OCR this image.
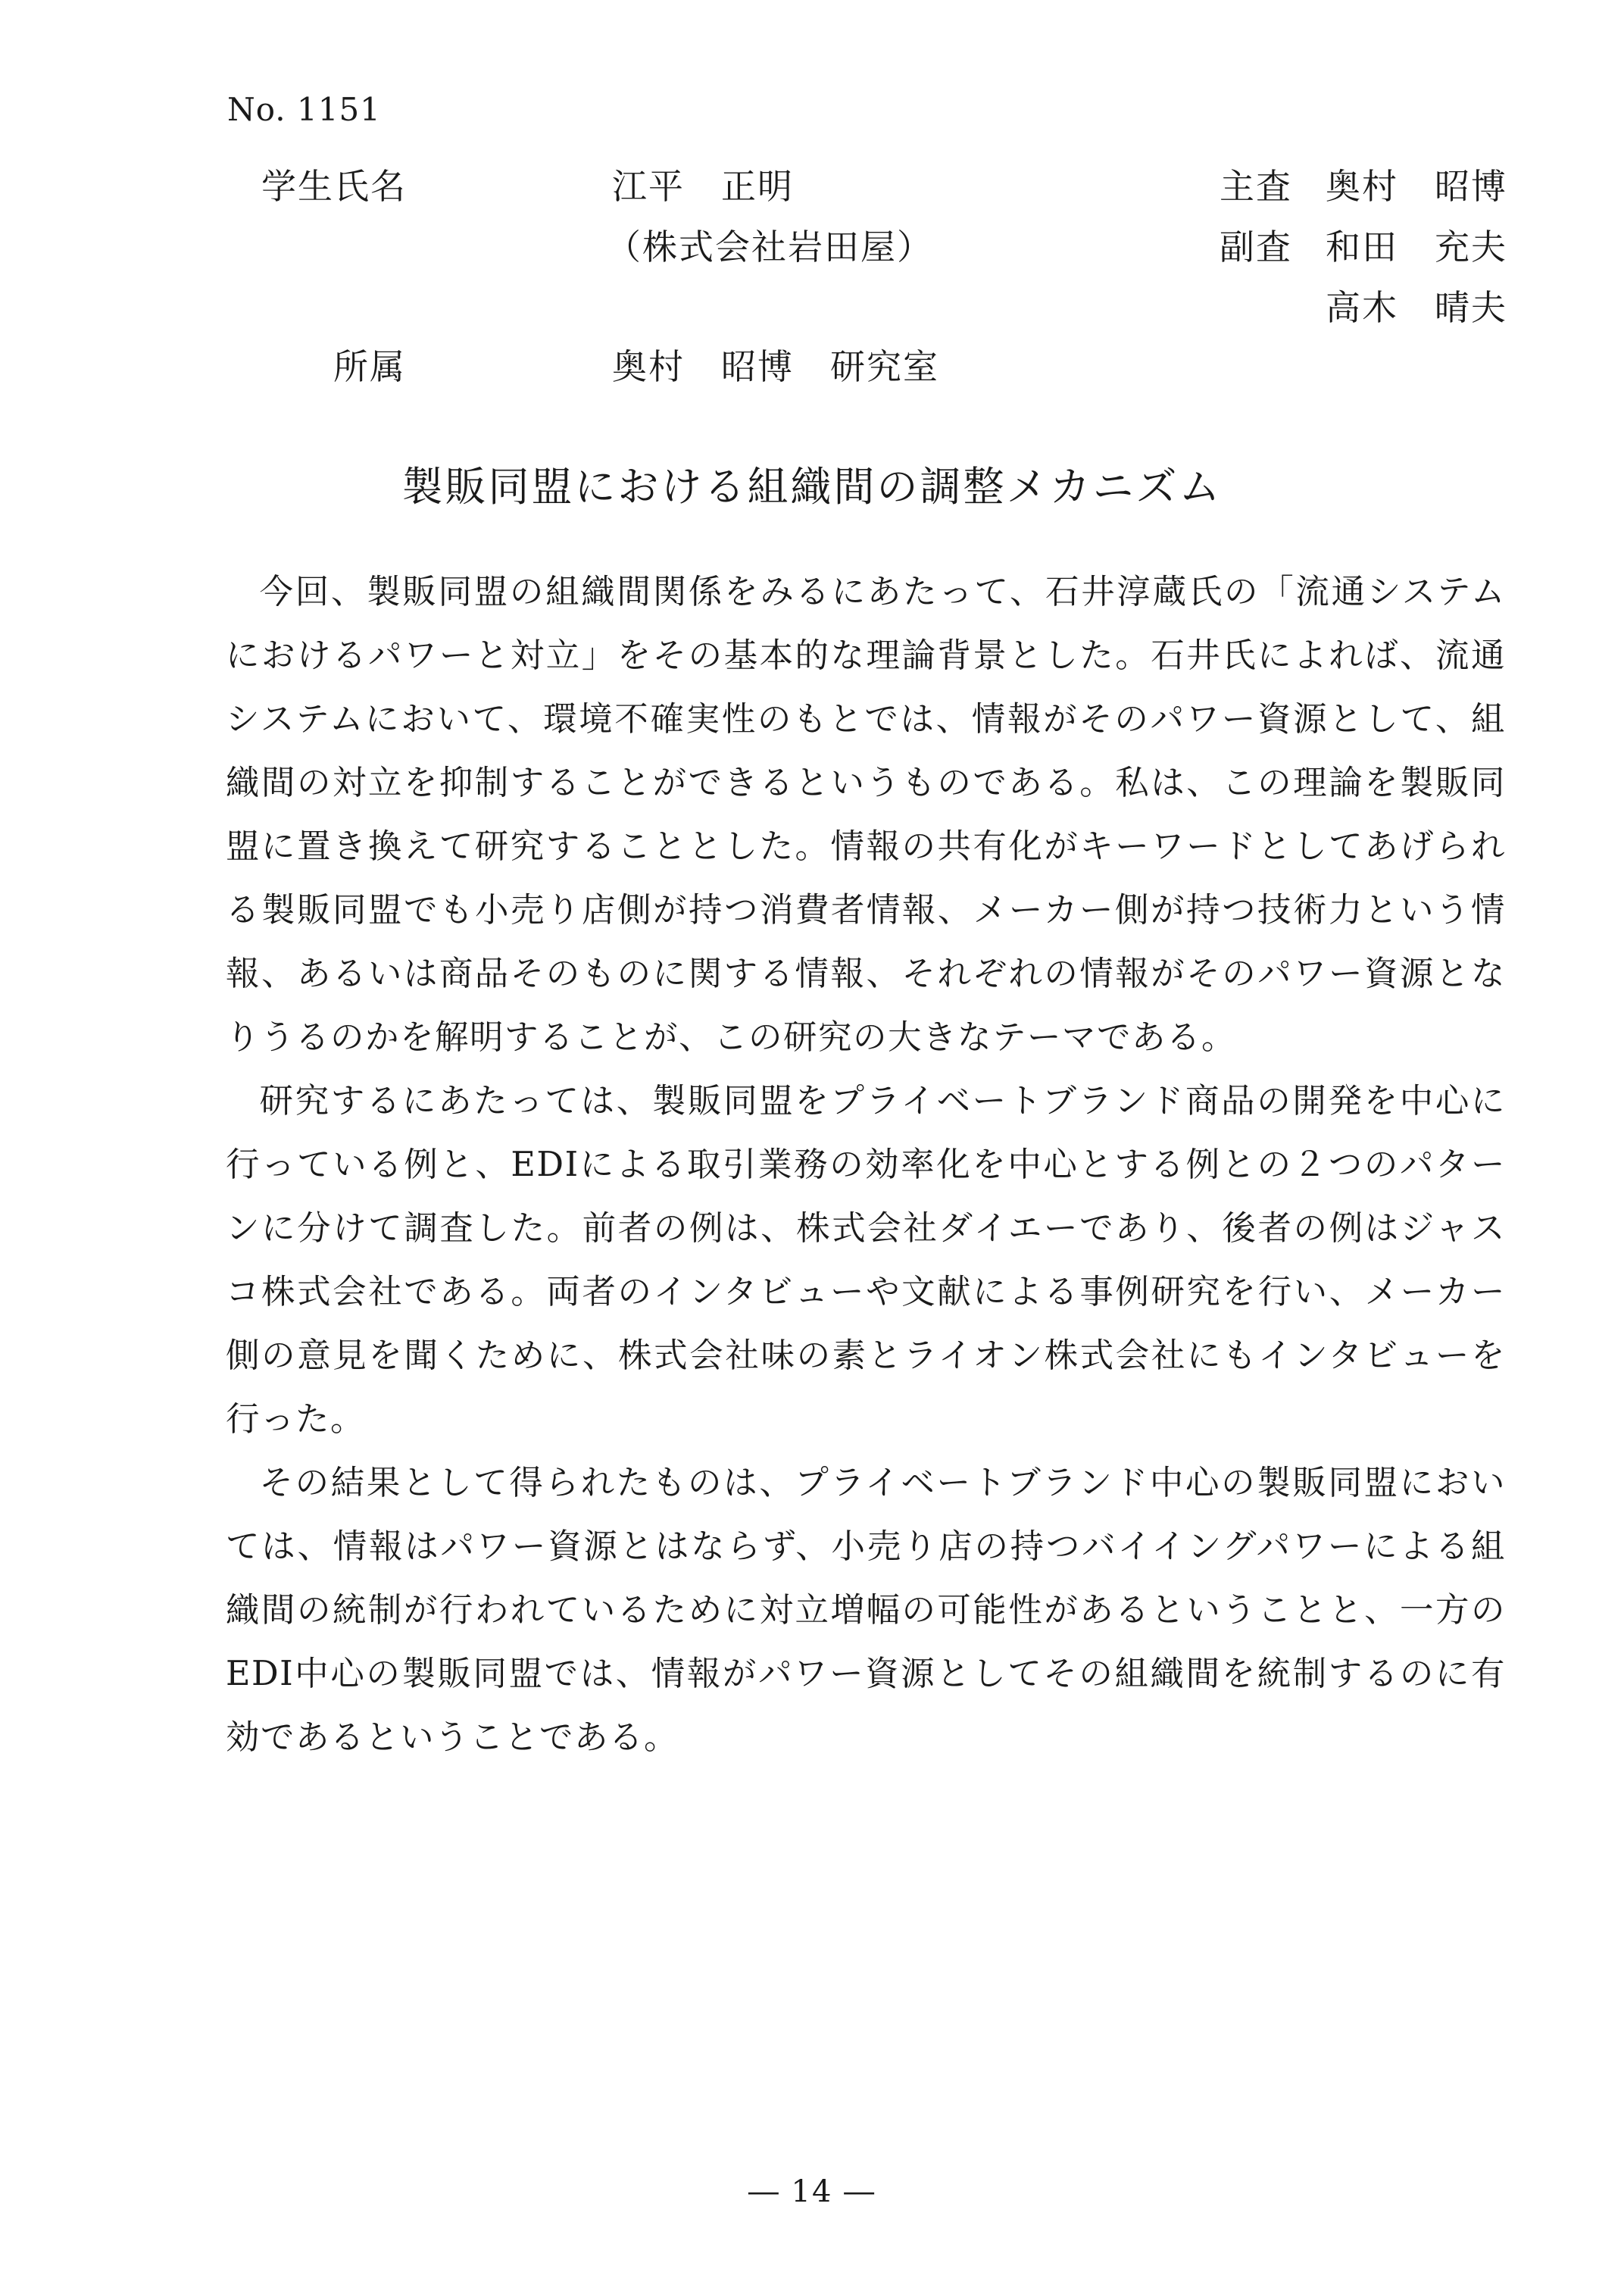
No. 1151
学生氏名	江平　正明
（株式会社岩田屋）
所属	奥村　昭博　研究室
主査 奥村　昭博
副査 和田　充夫
高木　晴夫
製販同盟における組織間の調整メカニズム

今回、製販同盟の組織間関係をみるにあたって、石井淳蔵氏の「流通システムにおけるパワーと対立」をその基本的な理論背景とした。石井氏によれば、流通システムにおいて、環境不確実性のもとでは、情報がそのパワー資源として、組織間の対立を抑制することができるというものである。私は、この理論を製販同盟に置き換えて研究することとした。情報の共有化がキーワードとしてあげられる製販同盟でも小売り店側が持つ消費者情報、メーカー側が持つ技術力という情報、あるいは商品そのものに関する情報、それぞれの情報がそのパワー資源となりうるのかを解明することが、この研究の大きなテーマである。

研究するにあたっては、製販同盟をプライベートブランド商品の開発を中心に行っている例と、EDIによる取引業務の効率化を中心とする例との２つのパターンに分けて調査した。前者の例は、株式会社ダイエーであり、後者の例はジャスコ株式会社である。両者のインタビューや文献による事例研究を行い、メーカー側の意見を聞くために、株式会社味の素とライオン株式会社にもインタビューを行った。

その結果として得られたものは、プライベートブランド中心の製販同盟においては、情報はパワー資源とはならず、小売り店の持つバイイングパワーによる組織間の統制が行われているために対立増幅の可能性があるということと、一方のEDI中心の製販同盟では、情報がパワー資源としてその組織間を統制するのに有効であるということである。

― 14 ―
